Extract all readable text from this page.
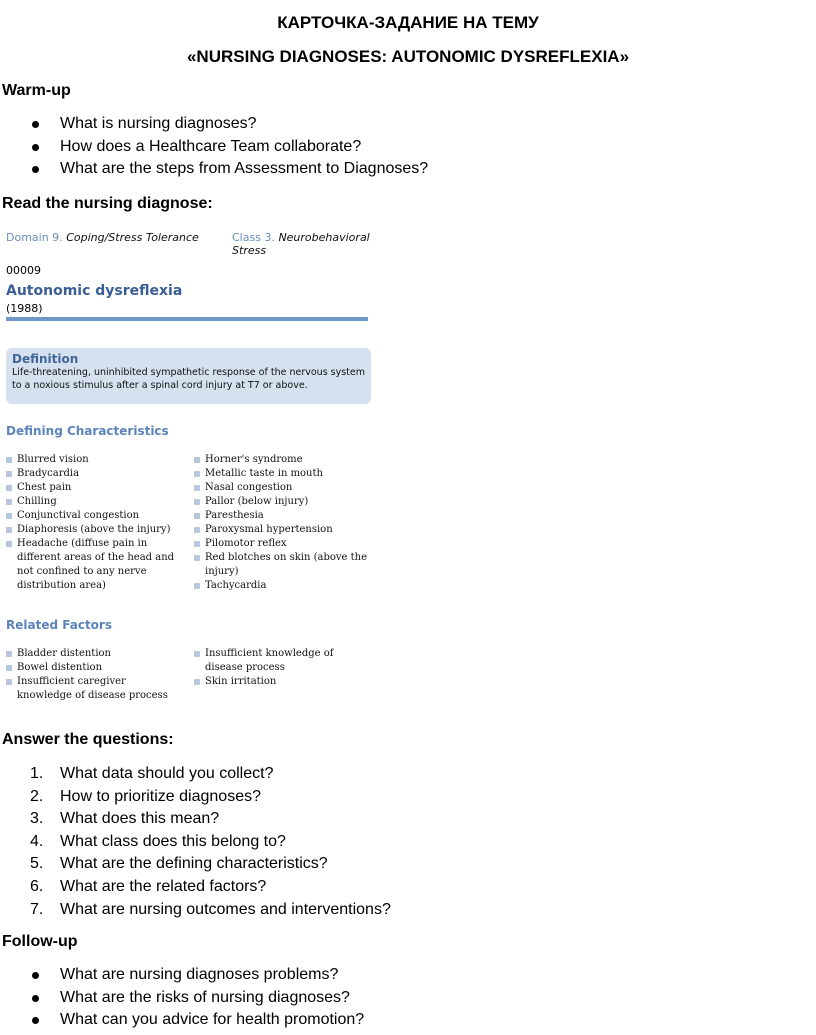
КАРТОЧКА-ЗАДАНИЕ НА ТЕМУ
«NURSING DIAGNOSES: AUTONOMIC DYSREFLEXIA»
Warm-up
What is nursing diagnoses?
How does a Healthcare Team collaborate?
What are the steps from Assessment to Diagnoses?
Read the nursing diagnose:
Domain 9. Coping/Stress Tolerance	Class 3. Neurobehavioral Stress
00009
Autonomic dysreflexia
(1988)
Definition
Life-threatening, uninhibited sympathetic response of the nervous system to a noxious stimulus after a spinal cord injury at T7 or above.
Defining Characteristics
Blurred vision
Bradycardia
Chest pain
Chilling
Conjunctival congestion
Diaphoresis (above the injury)
Headache (diffuse pain in different areas of the head and not confined to any nerve distribution area)
Horner's syndrome
Metallic taste in mouth
Nasal congestion
Pallor (below injury)
Paresthesia
Paroxysmal hypertension
Pilomotor reflex
Red blotches on skin (above the injury)
Tachycardia
Related Factors
Bladder distention
Bowel distention
Insufficient caregiver knowledge of disease process
Insufficient knowledge of disease process
Skin irritation
Answer the questions:
1. What data should you collect?
2. How to prioritize diagnoses?
3. What does this mean?
4. What class does this belong to?
5. What are the defining characteristics?
6. What are the related factors?
7. What are nursing outcomes and interventions?
Follow-up
What are nursing diagnoses problems?
What are the risks of nursing diagnoses?
What can you advice for health promotion?
